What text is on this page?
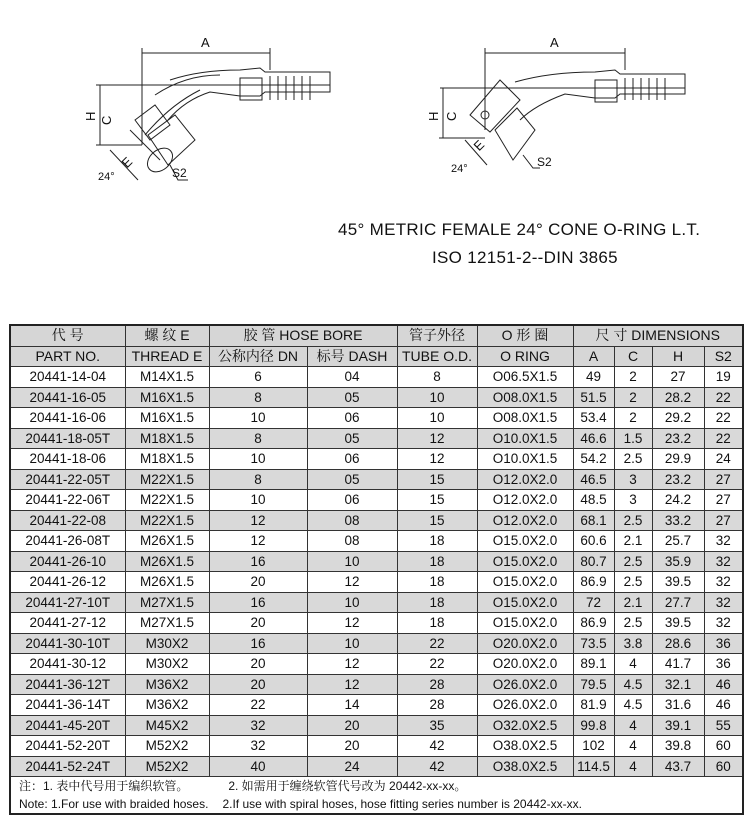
A
H C
E
24°	S2
A
H C
E
24°	S2
45° METRIC FEMALE 24° CONE O-RING L.T.
ISO 12151-2--DIN 3865
代 号	螺 纹 E	胶 管 HOSE BORE		管子外径	O 形 圈	尺 寸 DIMENSIONS			
PART NO.	THREAD E	公称内径 DN	标号 DASH	TUBE O.D.	O RING	A	C	H	S2
20441-14-04	M14X1.5	6	04	8	O06.5X1.5	49	2	27	19
20441-16-05	M16X1.5	8	05	10	O08.0X1.5	51.5	2	28.2	22
20441-16-06	M16X1.5	10	06	10	O08.0X1.5	53.4	2	29.2	22
20441-18-05T	M18X1.5	8	05	12	O10.0X1.5	46.6	1.5	23.2	22
20441-18-06	M18X1.5	10	06	12	O10.0X1.5	54.2	2.5	29.9	24
20441-22-05T	M22X1.5	8	05	15	O12.0X2.0	46.5	3	23.2	27
20441-22-06T	M22X1.5	10	06	15	O12.0X2.0	48.5	3	24.2	27
20441-22-08	M22X1.5	12	08	15	O12.0X2.0	68.1	2.5	33.2	27
20441-26-08T	M26X1.5	12	08	18	O15.0X2.0	60.6	2.1	25.7	32
20441-26-10	M26X1.5	16	10	18	O15.0X2.0	80.7	2.5	35.9	32
20441-26-12	M26X1.5	20	12	18	O15.0X2.0	86.9	2.5	39.5	32
20441-27-10T	M27X1.5	16	10	18	O15.0X2.0	72	2.1	27.7	32
20441-27-12	M27X1.5	20	12	18	O15.0X2.0	86.9	2.5	39.5	32
20441-30-10T	M30X2	16	10	22	O20.0X2.0	73.5	3.8	28.6	36
20441-30-12	M30X2	20	12	22	O20.0X2.0	89.1	4	41.7	36
20441-36-12T	M36X2	20	12	28	O26.0X2.0	79.5	4.5	32.1	46
20441-36-14T	M36X2	22	14	28	O26.0X2.0	81.9	4.5	31.6	46
20441-45-20T	M45X2	32	20	35	O32.0X2.5	99.8	4	39.1	55
20441-52-20T	M52X2	32	20	42	O38.0X2.5	102	4	39.8	60
20441-52-24T	M52X2	40	24	42	O38.0X2.5	114.5	4	43.7	60
注：1. 表中代号用于编织软管。 2. 如需用于缠绕软管代号改为 20442-xx-xx。									
Note: 1.For use with braided hoses. 2.If use with spiral hoses, hose fitting series number is 20442-xx-xx.									
